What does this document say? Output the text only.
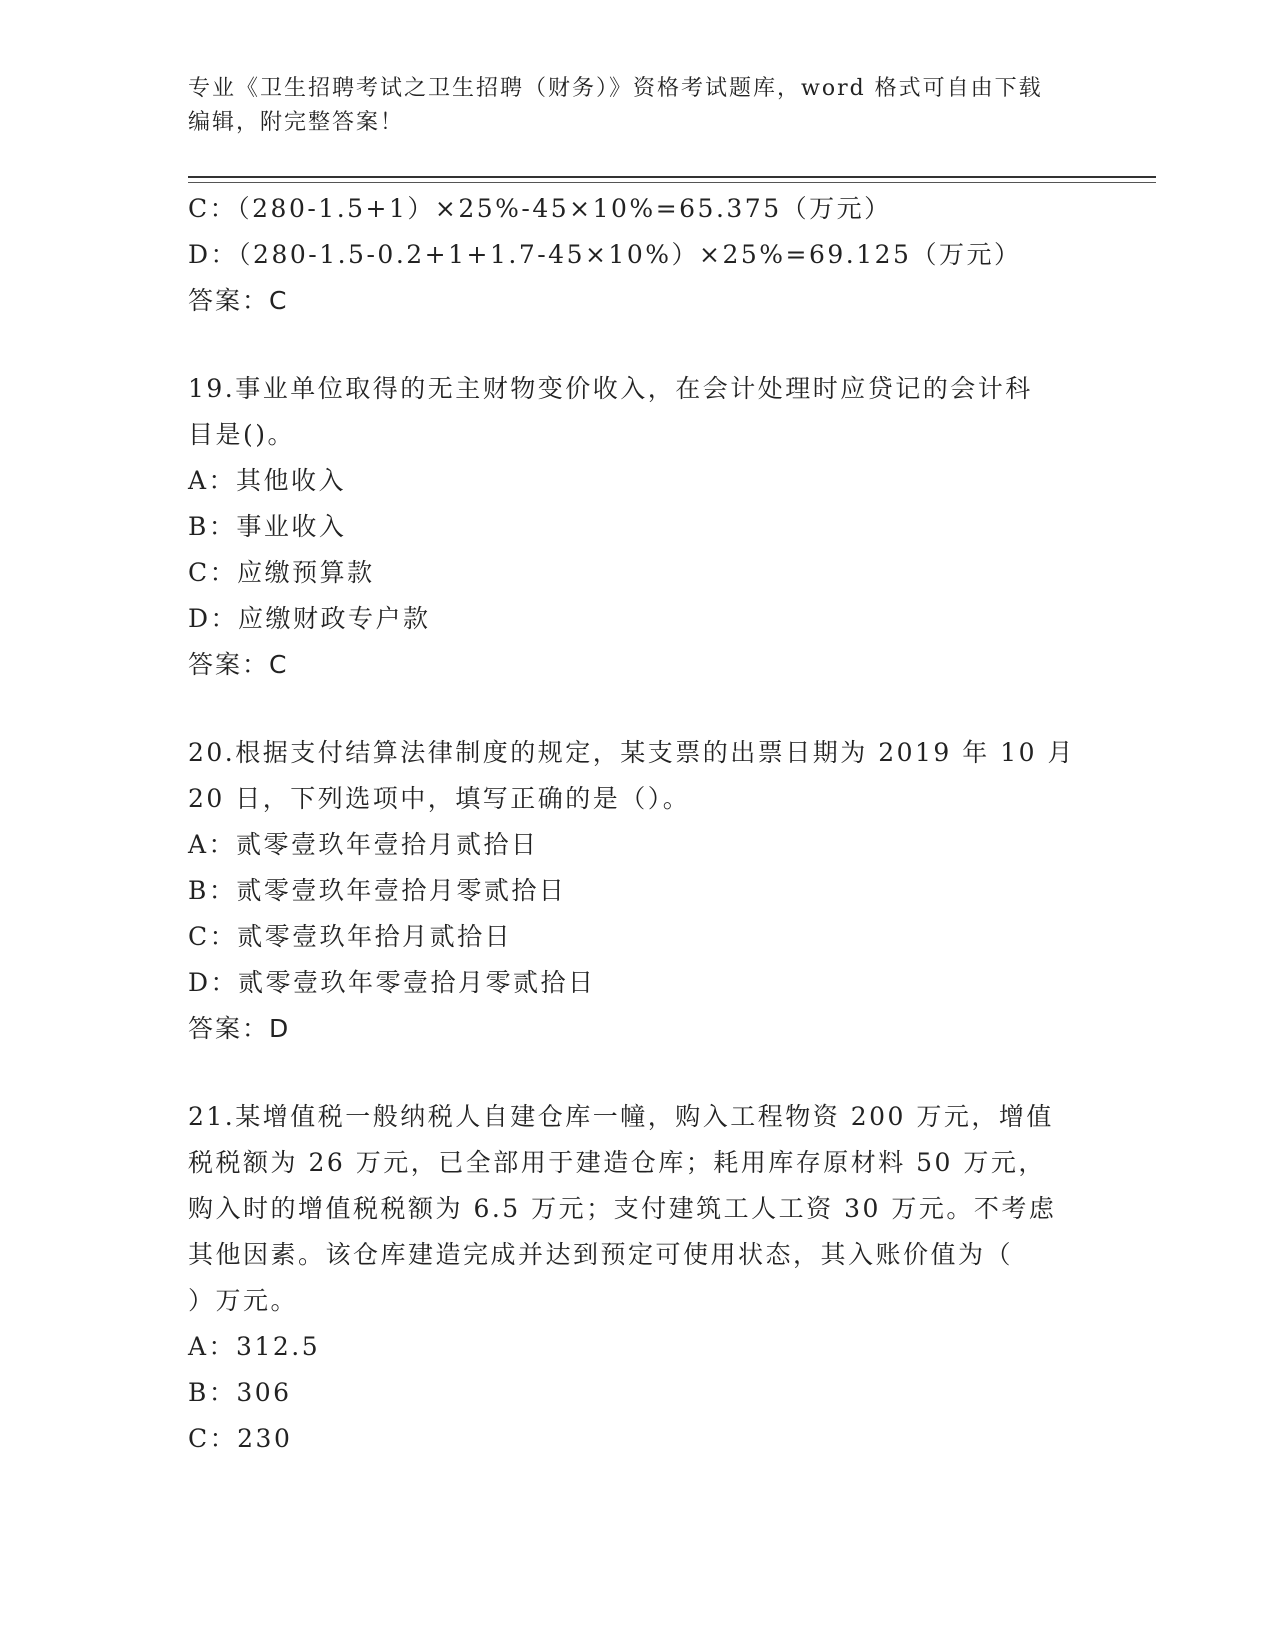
专业《卫生招聘考试之卫生招聘（财务）》资格考试题库，word 格式可自由下载
编辑，附完整答案！
C：（280-1.5+1）×25%-45×10%=65.375（万元）
D：（280-1.5-0.2+1+1.7-45×10%）×25%=69.125（万元）
答案：C
19.事业单位取得的无主财物变价收入，在会计处理时应贷记的会计科
目是()。
A：其他收入
B：事业收入
C：应缴预算款
D：应缴财政专户款
答案：C
20.根据支付结算法律制度的规定，某支票的出票日期为 2019 年 10 月
20 日，下列选项中，填写正确的是（）。
A：贰零壹玖年壹拾月贰拾日
B：贰零壹玖年壹拾月零贰拾日
C：贰零壹玖年拾月贰拾日
D：贰零壹玖年零壹拾月零贰拾日
答案：D
21.某增值税一般纳税人自建仓库一幢，购入工程物资 200 万元，增值
税税额为 26 万元，已全部用于建造仓库；耗用库存原材料 50 万元，
购入时的增值税税额为 6.5 万元；支付建筑工人工资 30 万元。不考虑
其他因素。该仓库建造完成并达到预定可使用状态，其入账价值为（
）万元。
A：312.5
B：306
C：230
